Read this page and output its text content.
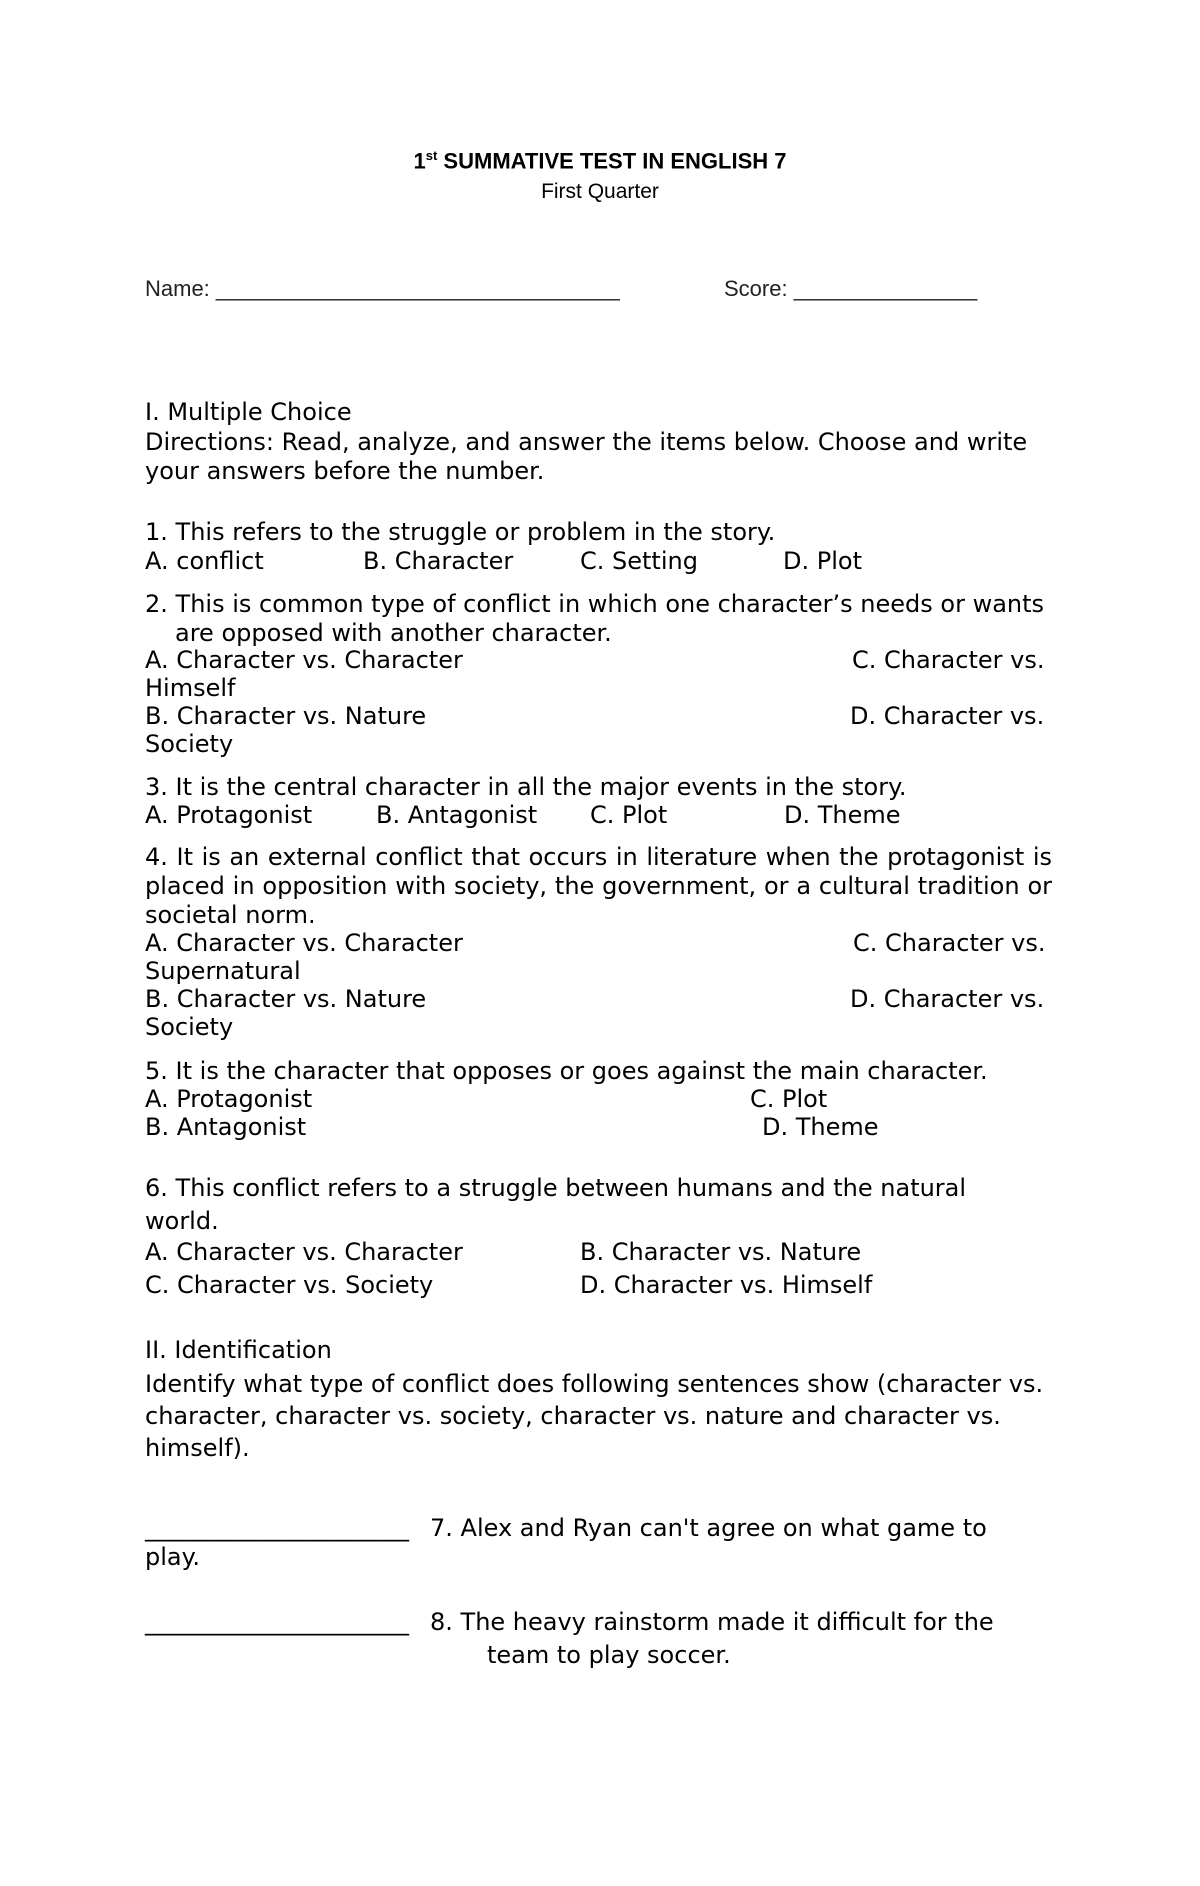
1st SUMMATIVE TEST IN ENGLISH 7
First Quarter
Name: _________________________________	Score: _______________
I. Multiple Choice
Directions: Read, analyze, and answer the items below. Choose and write your answers before the number.
1. This refers to the struggle or problem in the story.
A. conflict	B. Character	C. Setting	D. Plot
2. This is common type of conflict in which one character’s needs or wants
are opposed with another character.
A. Character vs. Character	C. Character vs.
Himself
B. Character vs. Nature	D. Character vs.
Society
3. It is the central character in all the major events in the story.
A. Protagonist	B. Antagonist C. Plot	D. Theme
4. It is an external conflict that occurs in literature when the protagonist is placed in opposition with society, the government, or a cultural tradition or societal norm.
A. Character vs. Character	C. Character vs.
Supernatural
B. Character vs. Nature	D. Character vs.
Society
5. It is the character that opposes or goes against the main character.
A. Protagonist	C. Plot
B. Antagonist	D. Theme
6. This conflict refers to a struggle between humans and the natural world.
A. Character vs. Character	B. Character vs. Nature
C. Character vs. Society	D. Character vs. Himself
II. Identification
Identify what type of conflict does following sentences show (character vs. character, character vs. society, character vs. nature and character vs. himself).
______________________ 7. Alex and Ryan can't agree on what game to
play.
______________________ 8. The heavy rainstorm made it difficult for the
team to play soccer.
